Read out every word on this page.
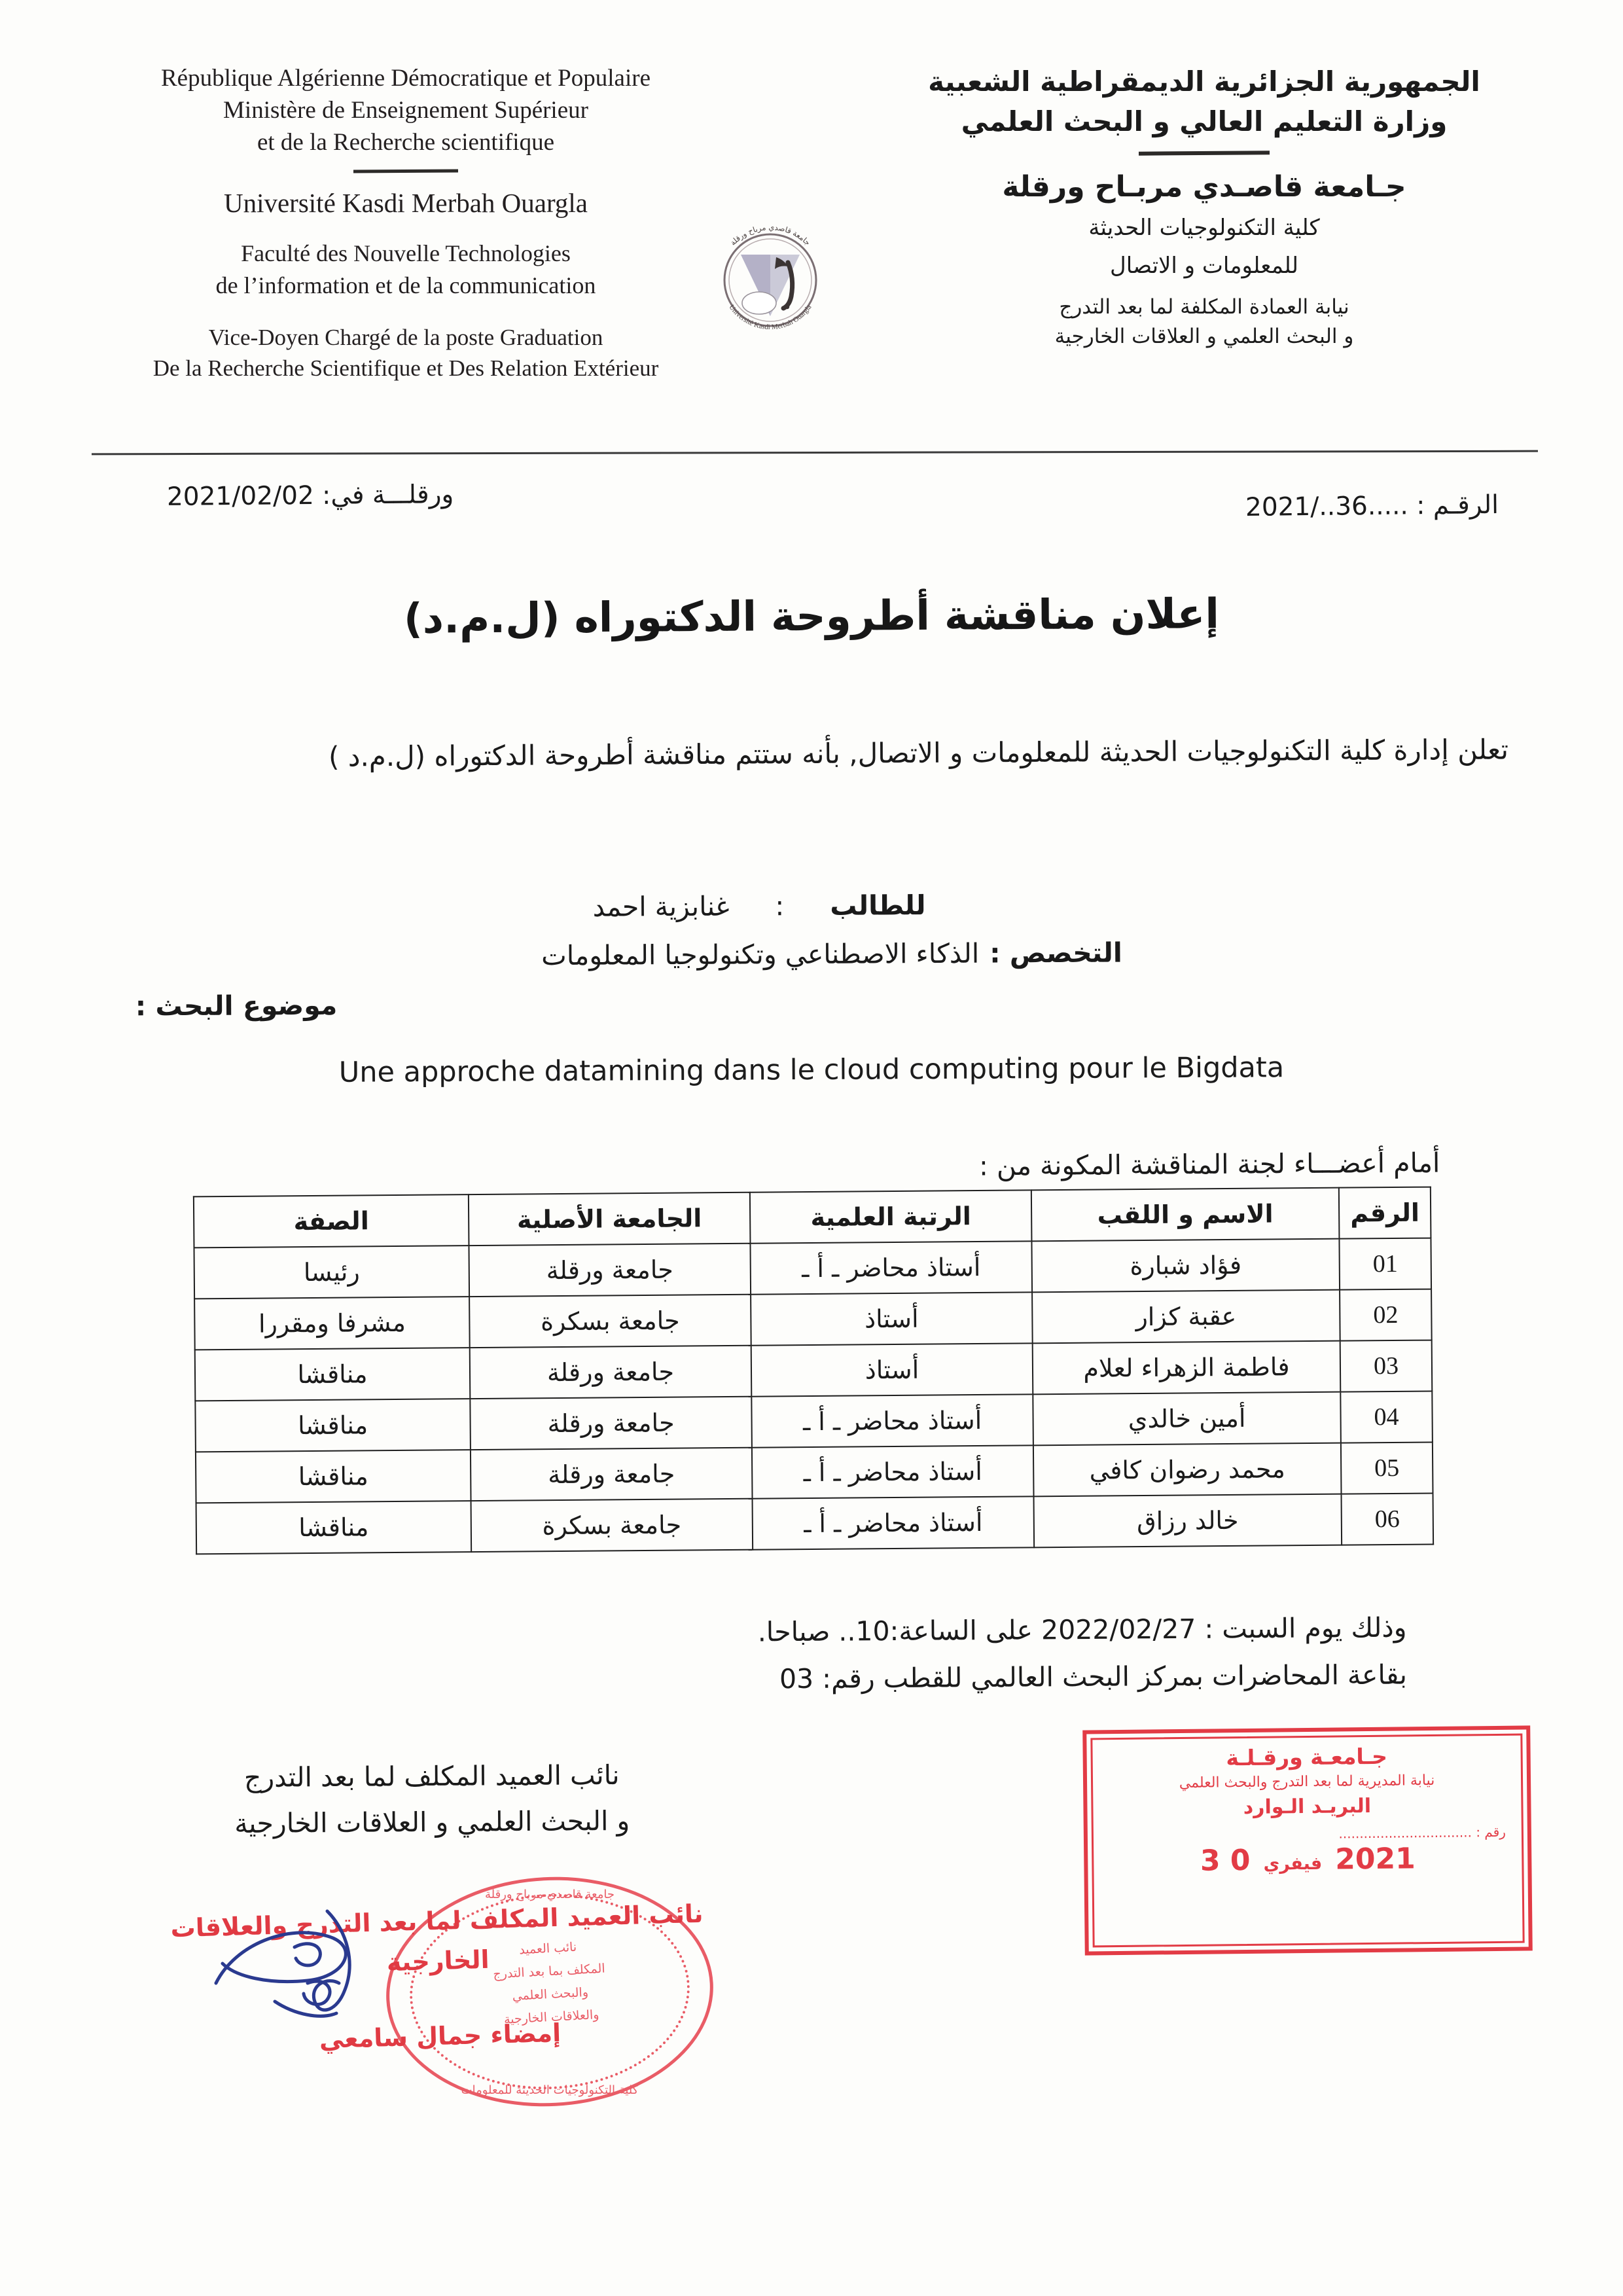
République Algérienne Démocratique et Populaire
Ministère de Enseignement Supérieur
et de la Recherche scientifique
Université Kasdi Merbah Ouargla
Faculté des Nouvelle Technologies
de l’information et de la communication
Vice-Doyen Chargé de la poste Graduation
De la Recherche Scientifique et Des Relation Extérieur
الجمهورية الجزائرية الديمقراطية الشعبية
وزارة التعليم العالي و البحث العلمي
جـامعة قاصـدي مربـاح ورقلة
كلية التكنولوجيات الحديثة
للمعلومات و الاتصال
نيابة العمادة المكلفة لما بعد التدرج
و البحث العلمي و العلاقات الخارجية
جامعة قاصدي مرباح ورقلة
Université Kasdi Merbah Ouargla
ورقلـــة في: 2021/02/02	الرقـم : .....36../2021
إعلان مناقشة أطروحة الدكتوراه (ل.م.د)
تعلن إدارة كلية التكنولوجيات الحديثة للمعلومات و الاتصال, بأنه ستتم مناقشة أطروحة الدكتوراه (ل.م.د )
للطالب
:
غنابزية احمد
التخصص :
الذكاء الاصطناعي وتكنولوجيا المعلومات
موضوع البحث :
Une approche datamining dans le cloud computing pour le Bigdata
أمام أعضـــاء لجنة المناقشة المكونة من :
الرقم	الاسم و اللقب	الرتبة العلمية	الجامعة الأصلية	الصفة
01	فؤاد شبارة	أستاذ محاضر ـ أ ـ	جامعة ورقلة	رئيسا
02	عقبة كزار	أستاذ	جامعة بسكرة	مشرفا ومقررا
03	فاطمة الزهراء لعلام	أستاذ	جامعة ورقلة	مناقشا
04	أمين خالدي	أستاذ محاضر ـ أ ـ	جامعة ورقلة	مناقشا
05	محمد رضوان كافي	أستاذ محاضر ـ أ ـ	جامعة ورقلة	مناقشا
06	خالد رزاق	أستاذ محاضر ـ أ ـ	جامعة بسكرة	مناقشا
وذلك يوم السبت : 2022/02/27 على الساعة:10.. صباحا.
بقاعة المحاضرات بمركز البحث العالمي للقطب رقم: 03
نائب العميد المكلف لما بعد التدرج
و البحث العلمي و العلاقات الخارجية
جامعة قاصدي مرباح ورقلة
كلية التكنولوجيات الحديثة للمعلومات
نائب العميد
المكلف بما بعد التدرج
والبحث العلمي
والعلاقات الخارجية
نائب العميد المكلف لما بعد التدرج والعلاقات الخارجية
إمضاء جمال سامعي
جـامعـة ورقـلـة
نيابة المديرية لما بعد التدرج والبحث العلمي
البريـد الـوارد
رقم : ................................
2021
فيفري
0 3
